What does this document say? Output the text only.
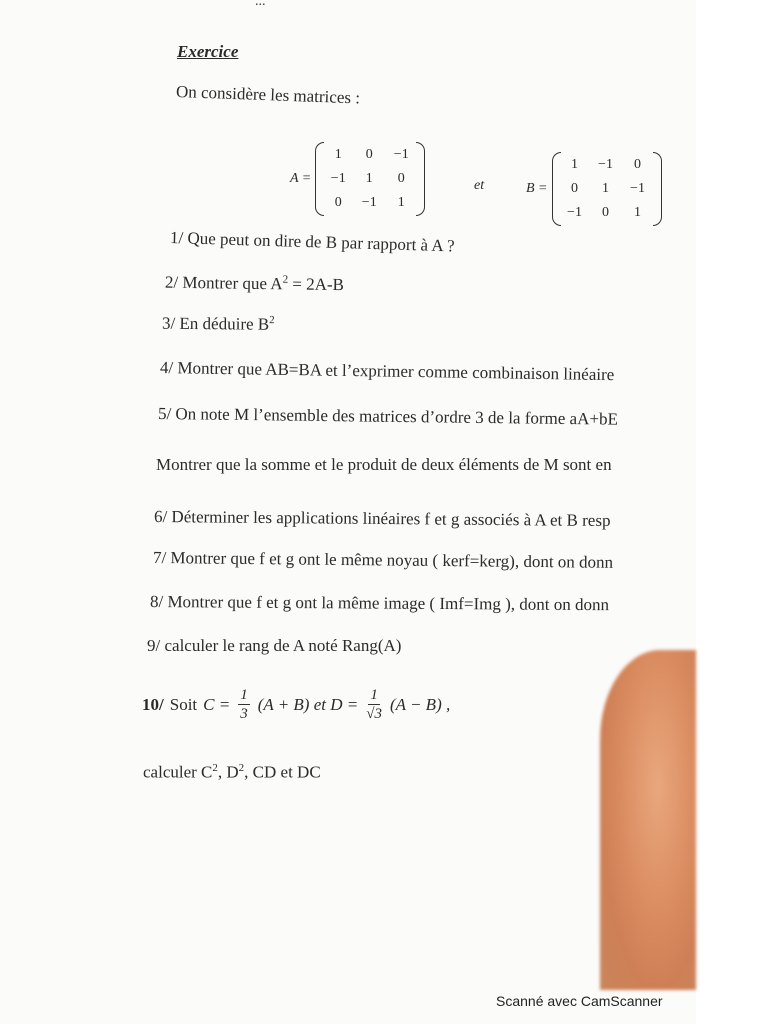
...
Exercice
On considère les matrices :
A =
1 0 −1
−1 1 0
0 −1 1
et	B =
1 −1 0
0 1 −1
−1 0 1
1/ Que peut on dire de B par rapport à A ?
2/ Montrer que $A^2 = 2A-B$
3/ En déduire $B^2$
4/ Montrer que AB=BA et l’exprimer comme combinaison linéaire
5/ On note M l’ensemble des matrices d’ordre 3 de la forme aA+bE
Montrer que la somme et le produit de deux éléments de M sont en
6/ Déterminer les applications linéaires f et g associés à A et B resp
7/ Montrer que f et g ont le même noyau ( kerf=kerg), dont on donn
8/ Montrer que f et g ont la même image ( Imf=Img ), dont on donn
9/ calculer le rang de A noté Rang(A)
10/ Soit $C = \frac{1}{3} (A + B)$ et $D = \frac{1}{√3} (A - B)$ ,
calculer $C^2$, $D^2$, CD et DC
Scanné avec CamScanner
